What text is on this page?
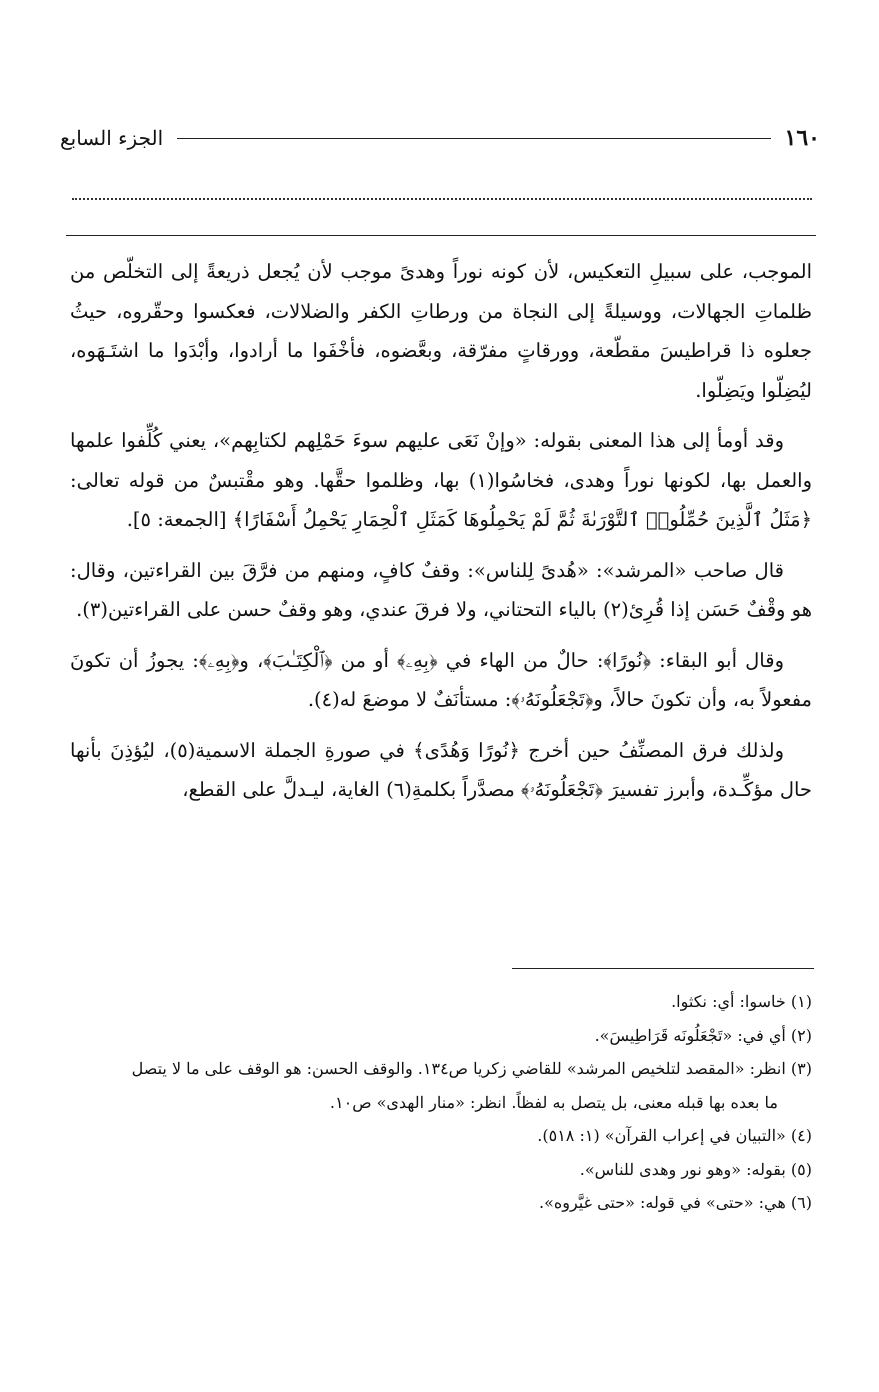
١٦٠
الجزء السابع

الموجب، على سبيلِ التعكيس، لأن كونه نوراً وهدىً موجب لأن يُجعل ذريعةً إلى التخلّص من ظلماتِ الجهالات، ووسيلةً إلى النجاة من ورطاتِ الكفر والضلالات، فعكسوا وحقّروه، حيثُ جعلوه ذا قراطيسَ مقطّعة، وورقاتٍ مفرّقة، وبعَّضوه، فأخْفَوا ما أرادوا، وأبْدَوا ما اشتَـهَوه، ليُضِلّوا ويَضِلّوا.

وقد أومأ إلى هذا المعنى بقوله: «وإنْ نَعَى عليهم سوءَ حَمْلِهم لكتابِهم»، يعني كُلِّفوا علمها والعمل بها، لكونها نوراً وهدى، فخاسُوا(١) بها، وظلموا حقَّها. وهو مقْتبسٌ من قوله تعالى: ﴿مَثَلُ ٱلَّذِينَ حُمِّلُوا۟ ٱلتَّوْرَىٰةَ ثُمَّ لَمْ يَحْمِلُوهَا كَمَثَلِ ٱلْحِمَارِ يَحْمِلُ أَسْفَارًا﴾ [الجمعة: ٥].

قال صاحب «المرشد»: «هُدىً لِلناس»: وقفٌ كافٍ، ومنهم من فرَّقَ بين القراءتين، وقال: هو وقْفٌ حَسَن إذا قُرِئ(٢) بالياء التحتاني، ولا فرقَ عندي، وهو وقفٌ حسن على القراءتين(٣).

وقال أبو البقاء: ﴿نُورًا﴾: حالٌ من الهاء في ﴿بِهِۦ﴾ أو من ﴿ٱلْكِتَـٰبَ﴾، و﴿بِهِۦ﴾: يجوزُ أن تكونَ مفعولاً به، وأن تكونَ حالاً، و﴿تَجْعَلُونَهُۥ﴾: مستأنَفٌ لا موضعَ له(٤).

ولذلك فرق المصنِّفُ حين أخرج ﴿نُورًا وَهُدًى﴾ في صورةِ الجملة الاسمية(٥)، ليُؤذِنَ بأنها حال مؤكِّـدة، وأبرز تفسيرَ ﴿تَجْعَلُونَهُۥ﴾ مصدَّراً بكلمةِ(٦) الغاية، ليـدلَّ على القطع،

(١) خاسوا: أي: نكثوا.

(٢) أي في: «تَجْعَلُونَه قَرَاطِيسَ».

(٣) انظر: «المقصد لتلخيص المرشد» للقاضي زكريا ص١٣٤. والوقف الحسن: هو الوقف على ما لا يتصل

ما بعده بها قبله معنى، بل يتصل به لفظاً. انظر: «منار الهدى» ص١٠.

(٤) «التبيان في إعراب القرآن» (١: ٥١٨).

(٥) بقوله: «وهو نور وهدى للناس».

(٦) هي: «حتى» في قوله: «حتى غيَّروه».
